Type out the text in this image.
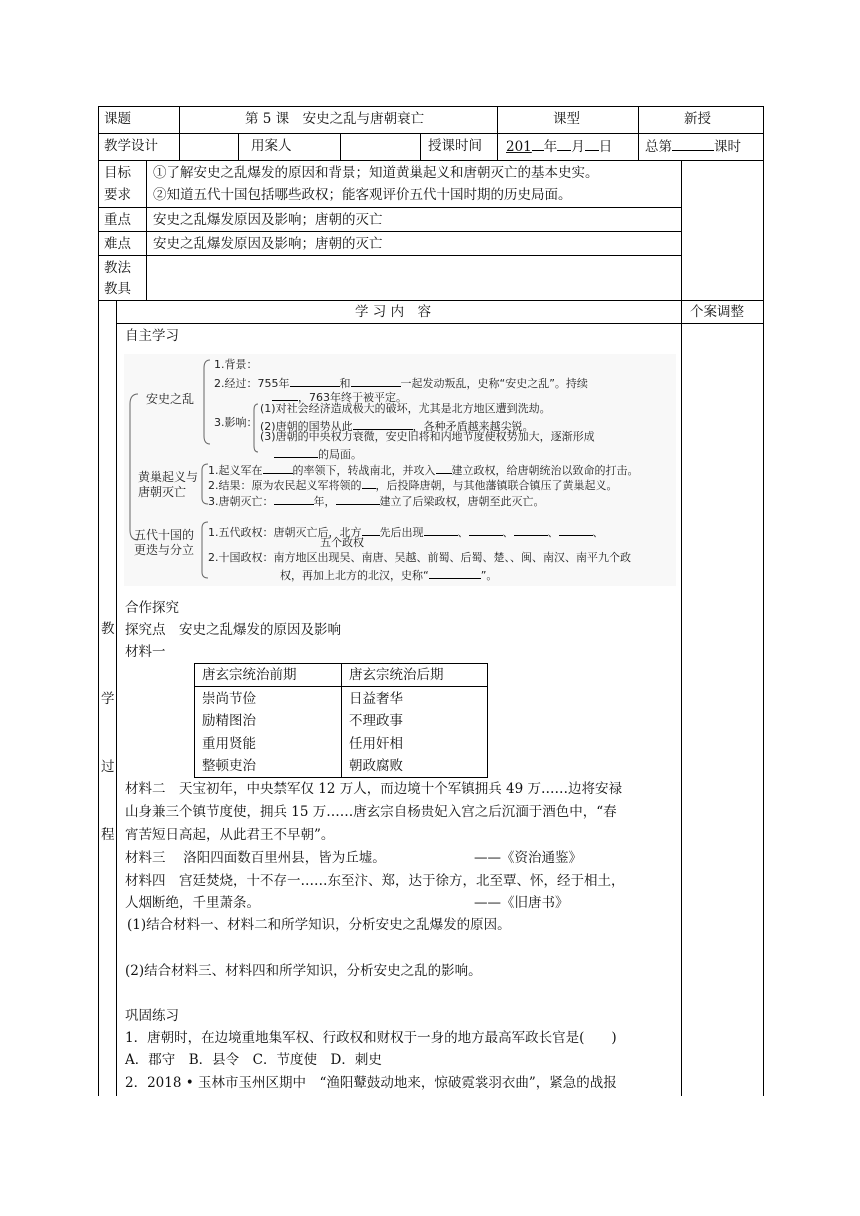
课题	第 5 课　安史之乱与唐朝衰亡	课型	新授
教学设计	用案人	授课时间 201 年 月 日 总第	课时
目标
要求
①了解安史之乱爆发的原因和背景；知道黄巢起义和唐朝灭亡的基本史实。
②知道五代十国包括哪些政权；能客观评价五代十国时期的历史局面。
重点 安史之乱爆发原因及影响；唐朝的灭亡
难点 安史之乱爆发原因及影响；唐朝的灭亡
教法
教具
学 习 内　容	个案调整
教
学
过
程
自主学习
安史之乱
1.背景：
2.经过：755年	和	一起发动叛乱，史称“安史之乱”。持续
，763年终于被平定。
(1)对社会经济造成极大的破坏，尤其是北方地区遭到洗劫。
3.影响： (2)唐朝的国势从此	，各种矛盾越来越尖锐。
(3)唐朝的中央权力衰微，安史旧将和内地节度使权势加大，逐渐形成
的局面。
黄巢起义与
唐朝灭亡
1.起义军在	的率领下，转战南北，并攻入 建立政权，给唐朝统治以致命的打击。
2.结果：原为农民起义军将领的 ，后投降唐朝，与其他藩镇联合镇压了黄巢起义。
3.唐朝灭亡：	年，	建立了后梁政权，唐朝至此灭亡。
五代十国的
更迭与分立
1.五代政权：唐朝灭亡后，北方 先后出现	、	、	、	、
五个政权
2.十国政权：南方地区出现吴、南唐、吴越、前蜀、后蜀、楚、、闽、南汉、南平九个政
权，再加上北方的北汉，史称“	”。
合作探究
探究点　安史之乱爆发的原因及影响
材料一
唐玄宗统治前期	唐玄宗统治后期
崇尚节俭	日益奢华
励精图治	不理政事
重用贤能	任用奸相
整顿吏治	朝政腐败
材料二　天宝初年，中央禁军仅 12 万人，而边境十个军镇拥兵 49 万……边将安禄
山身兼三个镇节度使，拥兵 15 万……唐玄宗自杨贵妃入宫之后沉湎于酒色中，“春
宵苦短日高起，从此君王不早朝”。
材料三　 洛阳四面数百里州县，皆为丘墟。	——《资治通鉴》
材料四　宫廷焚烧，十不存一……东至汴、郑，达于徐方，北至覃、怀，经于相土，
人烟断绝，千里萧条。	——《旧唐书》
(1)结合材料一、材料二和所学知识，分析安史之乱爆发的原因。
(2)结合材料三、材料四和所学知识，分析安史之乱的影响。
巩固练习
1．唐朝时，在边境重地集军权、行政权和财权于一身的地方最高军政长官是(　　)
A．郡守　B．县令　C．节度使　D．刺史
2．2018 • 玉林市玉州区期中　“渔阳鼙鼓动地来，惊破霓裳羽衣曲”，紧急的战报
